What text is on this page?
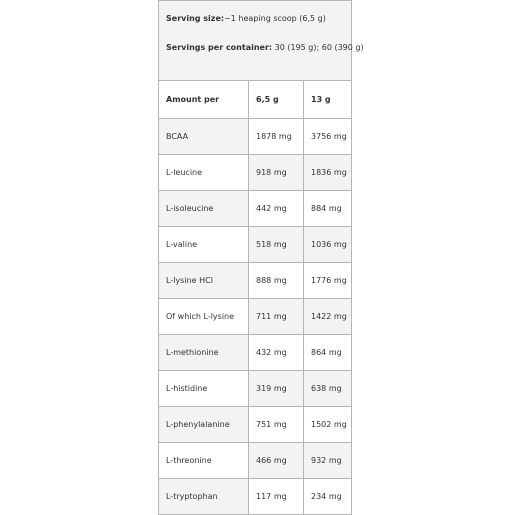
Serving size:~1 heaping scoop (6,5 g)
Servings per container: 30 (195 g); 60 (390 g)		

Amount per	6,5 g	13 g
BCAA	1878 mg	3756 mg
L-leucine	918 mg	1836 mg
L-isoleucine	442 mg	884 mg
L-valine	518 mg	1036 mg
L-lysine HCl	888 mg	1776 mg
Of which L-lysine	711 mg	1422 mg
L-methionine	432 mg	864 mg
L-histidine	319 mg	638 mg
L-phenylalanine	751 mg	1502 mg
L-threonine	466 mg	932 mg
L-tryptophan	117 mg	234 mg
